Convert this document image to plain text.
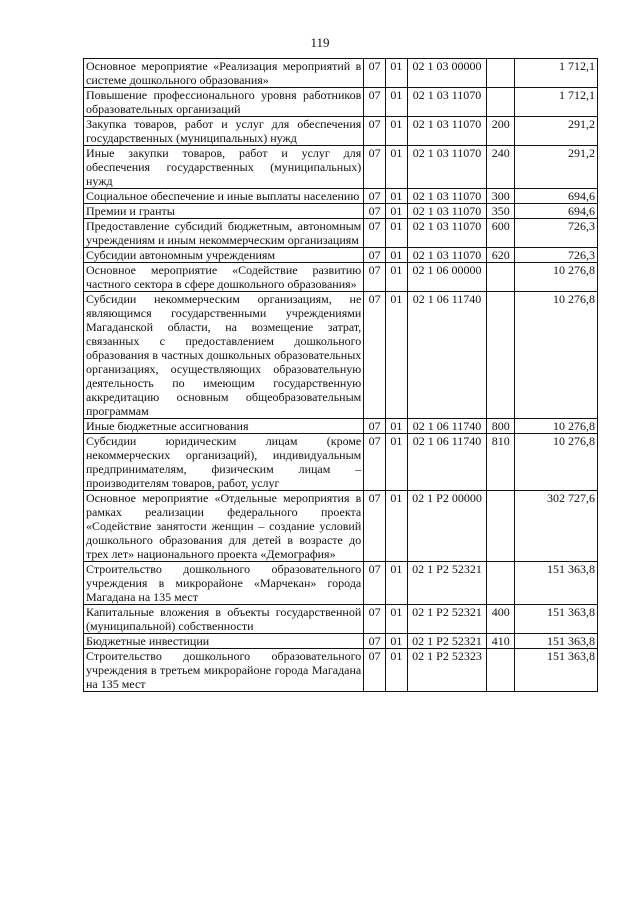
119
Основное мероприятие «Реализация мероприятий в системе дошкольного образования»	07	01	02 1 03 00000		1 712,1
Повышение профессионального уровня работников образовательных организаций	07	01	02 1 03 11070		1 712,1
Закупка товаров, работ и услуг для обеспечения государственных (муниципальных) нужд	07	01	02 1 03 11070	200	291,2
Иные закупки товаров, работ и услуг для обеспечения государственных (муниципальных) нужд	07	01	02 1 03 11070	240	291,2
Социальное обеспечение и иные выплаты населению	07	01	02 1 03 11070	300	694,6
Премии и гранты	07	01	02 1 03 11070	350	694,6
Предоставление субсидий бюджетным, автономным учреждениям и иным некоммерческим организациям	07	01	02 1 03 11070	600	726,3
Субсидии автономным учреждениям	07	01	02 1 03 11070	620	726,3
Основное мероприятие «Содействие развитию частного сектора в сфере дошкольного образования»	07	01	02 1 06 00000		10 276,8
Субсидии некоммерческим организациям, не являющимся государственными учреждениями Магаданской области, на возмещение затрат, связанных с предоставлением дошкольного образования в частных дошкольных образовательных организациях, осуществляющих образовательную деятельность по имеющим государственную аккредитацию основным общеобразовательным программам	07	01	02 1 06 11740		10 276,8
Иные бюджетные ассигнования	07	01	02 1 06 11740	800	10 276,8
Субсидии юридическим лицам (кроме некоммерческих организаций), индивидуальным предпринимателям, физическим лицам – производителям товаров, работ, услуг	07	01	02 1 06 11740	810	10 276,8
Основное мероприятие «Отдельные мероприятия в рамках реализации федерального проекта «Содействие занятости женщин – создание условий дошкольного образования для детей в возрасте до трех лет» национального проекта «Демография»	07	01	02 1 P2 00000		302 727,6
Строительство дошкольного образовательного учреждения в микрорайоне «Марчекан» города Магадана на 135 мест	07	01	02 1 P2 52321		151 363,8
Капитальные вложения в объекты государственной (муниципальной) собственности	07	01	02 1 P2 52321	400	151 363,8
Бюджетные инвестиции	07	01	02 1 P2 52321	410	151 363,8
Строительство дошкольного образовательного учреждения в третьем микрорайоне города Магадана на 135 мест	07	01	02 1 P2 52323		151 363,8
